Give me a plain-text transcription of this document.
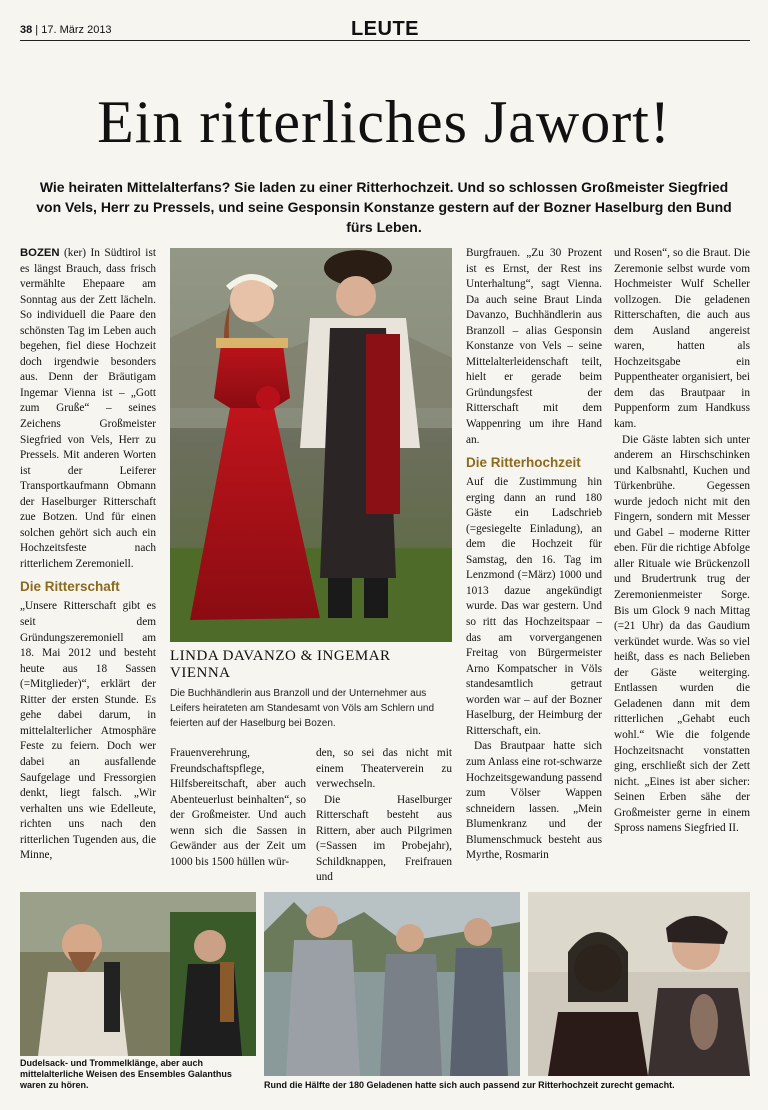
38 | 17. März 2013	LEUTE
Ein ritterliches Jawort!
Wie heiraten Mittelalterfans? Sie laden zu einer Ritterhochzeit. Und so schlossen Großmeister Siegfried von Vels, Herr zu Pressels, und seine Gesponsin Konstanze gestern auf der Bozner Haselburg den Bund fürs Leben.

BOZEN (ker) In Südtirol ist es längst Brauch, dass frisch vermählte Ehepaare am Sonntag aus der Zett lächeln. So individuell die Paare den schönsten Tag im Leben auch begehen, fiel diese Hochzeit doch irgendwie besonders aus. Denn der Bräutigam Ingemar Vienna ist – „Gott zum Gruße“ – seines Zeichens Großmeister Siegfried von Vels, Herr zu Pressels. Mit anderen Worten ist der Leiferer Transportkaufmann Obmann der Haselburger Ritterschaft zue Botzen. Und für einen solchen gehört sich auch ein Hochzeitsfeste nach ritterlichem Zeremoniell.

Die Ritterschaft

„Unsere Ritterschaft gibt es seit dem Gründungszeremoniell am 18. Mai 2012 und besteht heute aus 18 Sassen (=Mitglieder)“, erklärt der Ritter der ersten Stunde. Es gehe dabei darum, in mittelalterlicher Atmosphäre Feste zu feiern. Doch wer dabei an ausfallende Saufgelage und Fressorgien denkt, liegt falsch. „Wir verhalten uns wie Edelleute, richten uns nach den ritterlichen Tugenden aus, die Minne,

LINDA DAVANZO & INGEMAR VIENNA
Die Buchhändlerin aus Branzoll und der Unternehmer aus Leifers heirateten am Standesamt von Völs am Schlern und feierten auf der Haselburg bei Bozen.

Frauenverehrung, Freundschaftspflege, Hilfsbereitschaft, aber auch Abenteuerlust beinhalten“, so der Großmeister. Und auch wenn sich die Sassen in Gewänder aus der Zeit um 1000 bis 1500 hüllen wür-

den, so sei das nicht mit einem Theaterverein zu verwechseln.

Die Haselburger Ritterschaft besteht aus Rittern, aber auch Pilgrimen (=Sassen im Probejahr), Schildknappen, Freifrauen und

Burgfrauen. „Zu 30 Prozent ist es Ernst, der Rest ins Unterhaltung“, sagt Vienna. Da auch seine Braut Linda Davanzo, Buchhändlerin aus Branzoll – alias Gesponsin Konstanze von Vels – seine Mittelalterleidenschaft teilt, hielt er gerade beim Gründungsfest der Ritterschaft mit dem Wappenring um ihre Hand an.

Die Ritterhochzeit

Auf die Zustimmung hin erging dann an rund 180 Gäste ein Ladschrieb (=gesiegelte Einladung), an dem die Hochzeit für Samstag, den 16. Tag im Lenzmond (=März) 1000 und 1013 dazue angekündigt wurde. Das war gestern. Und so ritt das Hochzeitspaar – das am vorvergangenen Freitag von Bürgermeister Arno Kompatscher in Völs standesamtlich getraut worden war – auf der Bozner Haselburg, der Heimburg der Ritterschaft, ein.

Das Brautpaar hatte sich zum Anlass eine rot-schwarze Hochzeitsgewandung passend zum Völser Wappen schneidern lassen. „Mein Blumenkranz und der Blumenschmuck besteht aus Myrthe, Rosmarin

und Rosen“, so die Braut. Die Zeremonie selbst wurde vom Hochmeister Wulf Scheller vollzogen. Die geladenen Ritterschaften, die auch aus dem Ausland angereist waren, hatten als Hochzeitsgabe ein Puppentheater organisiert, bei dem das Brautpaar in Puppenform zum Handkuss kam.

Die Gäste labten sich unter anderem an Hirschschinken und Kalbsnahtl, Kuchen und Türkenbrühe. Gegessen wurde jedoch nicht mit den Fingern, sondern mit Messer und Gabel – moderne Ritter eben. Für die richtige Abfolge aller Rituale wie Brückenzoll und Brudertrunk trug der Zeremonienmeister Sorge. Bis um Glock 9 nach Mittag (=21 Uhr) da das Gaudium verkündet wurde. Was so viel heißt, dass es nach Belieben der Gäste weiterging. Entlassen wurden die Geladenen dann mit dem ritterlichen „Gehabt euch wohl.“ Wie die folgende Hochzeitsnacht vonstatten ging, erschließt sich der Zett nicht. „Eines ist aber sicher: Seinen Erben sähe der Großmeister gerne in einem Spross namens Siegfried II.

Dudelsack- und Trommelklänge, aber auch mittelalterliche Weisen des Ensembles Galanthus waren zu hören.	Rund die Hälfte der 180 Geladenen hatte sich auch passend zur Ritterhochzeit zurecht gemacht.
